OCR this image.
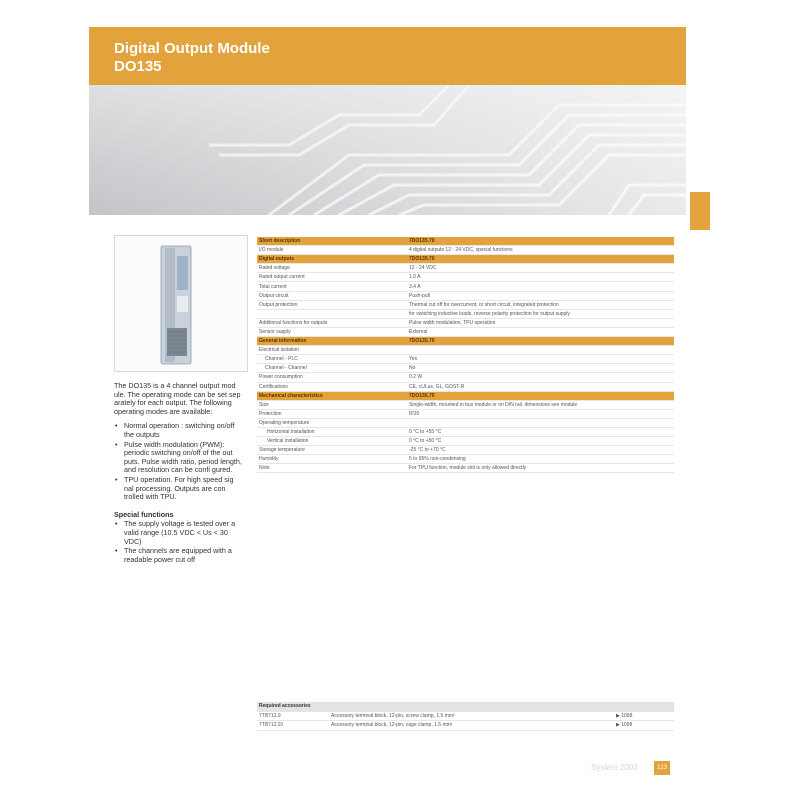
Digital Output Module
DO135

The DO135 is a 4 channel output mod ule. The operating mode can be set sep arately for each output. The following operating modes are available:

• Normal operation : switching on/off the outputs
• Pulse width modulation (PWM): periodic switching on/off of the out puts. Pulse width ratio, period length, and resolution can be confi gured.
• TPU operation. For high speed sig nal processing. Outputs are con trolled with TPU.
Special functions
• The supply voltage is tested over a valid range (10.5 VDC < Us < 30 VDC)
• The channels are equipped with a readable power cut off
Short description	7DO135.70
I/O module	4 digital outputs 12 - 24 VDC, special functions
Digital outputs	7DO135.70
Rated voltage	12 - 24 VDC
Rated output current	1.0 A
Total current	3.4 A
Output circuit	Push-pull
Output protection	Thermal cut off for overcurrent, or short circuit, integrated protection
	for switching inductive loads, reverse polarity protection for output supply
Additional functions for outputs	Pulse width modulation, TPU operation
Sensor supply	External
General information	7DO135.70
Electrical isolation	
Channel - PLC	Yes
Channel - Channel	No
Power consumption	0.2 W
Certifications	CE, cULus, GL, GOST-R
Mechanical characteristics	7DO135.70
Size	Single-width, mounted in bus module or on DIN rail, dimensions see module
Protection	IP20
Operating temperature	
Horizontal installation	0 °C to +55 °C
Vertical installation	0 °C to +50 °C
Storage temperature	-25 °C to +70 °C
Humidity	5 to 95% non-condensing
Note	For TPU function, module slot is only allowed directly
Required accessories		
7TB712.9	Accessory terminal block, 12-pin, screw clamp, 1.5 mm²	▶ 1098
7TB712.91	Accessory terminal block, 12-pin, cage clamp, 1.5 mm²	▶ 1098
System 2003	123
